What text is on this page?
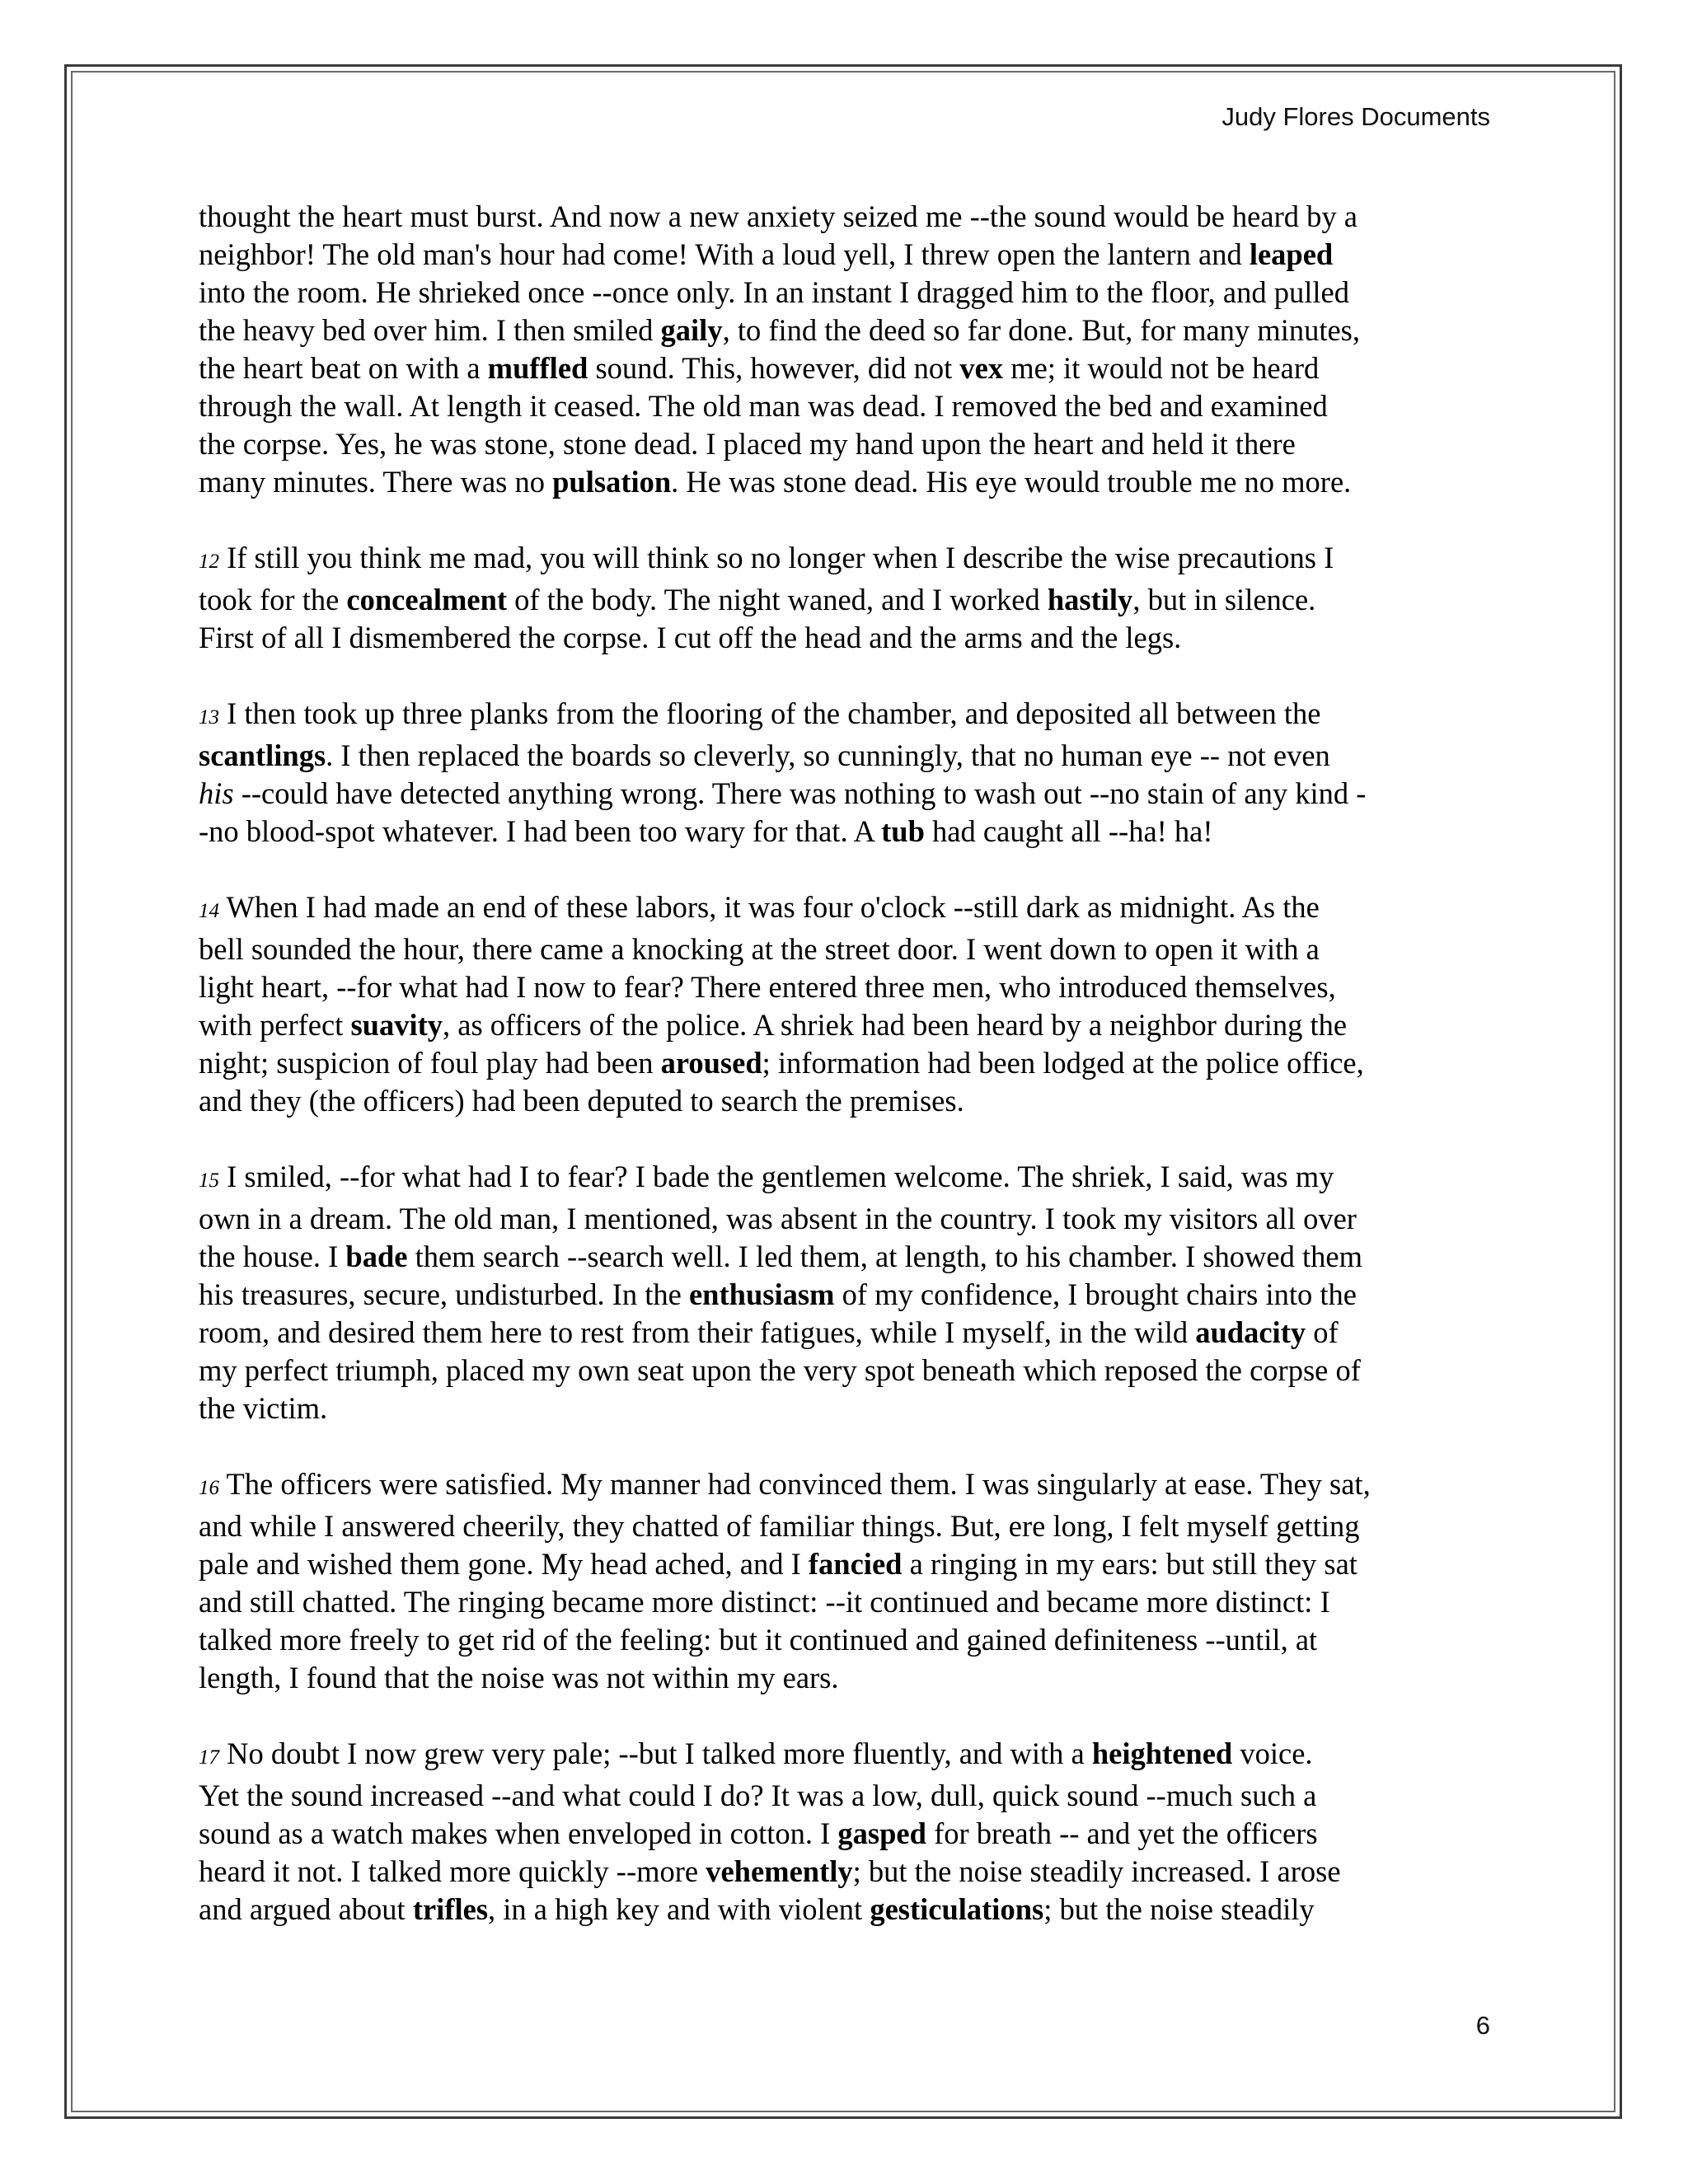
Judy Flores Documents

thought the heart must burst. And now a new anxiety seized me --the sound would be heard by a
neighbor! The old man's hour had come! With a loud yell, I threw open the lantern and leaped
into the room. He shrieked once --once only. In an instant I dragged him to the floor, and pulled
the heavy bed over him. I then smiled gaily, to find the deed so far done. But, for many minutes,
the heart beat on with a muffled sound. This, however, did not vex me; it would not be heard
through the wall. At length it ceased. The old man was dead. I removed the bed and examined
the corpse. Yes, he was stone, stone dead. I placed my hand upon the heart and held it there
many minutes. There was no pulsation. He was stone dead. His eye would trouble me no more.

12 If still you think me mad, you will think so no longer when I describe the wise precautions I
took for the concealment of the body. The night waned, and I worked hastily, but in silence.
First of all I dismembered the corpse. I cut off the head and the arms and the legs.

13 I then took up three planks from the flooring of the chamber, and deposited all between the
scantlings. I then replaced the boards so cleverly, so cunningly, that no human eye -- not even
his --could have detected anything wrong. There was nothing to wash out --no stain of any kind -
-no blood-spot whatever. I had been too wary for that. A tub had caught all --ha! ha!

14 When I had made an end of these labors, it was four o'clock --still dark as midnight. As the
bell sounded the hour, there came a knocking at the street door. I went down to open it with a
light heart, --for what had I now to fear? There entered three men, who introduced themselves,
with perfect suavity, as officers of the police. A shriek had been heard by a neighbor during the
night; suspicion of foul play had been aroused; information had been lodged at the police office,
and they (the officers) had been deputed to search the premises.

15 I smiled, --for what had I to fear? I bade the gentlemen welcome. The shriek, I said, was my
own in a dream. The old man, I mentioned, was absent in the country. I took my visitors all over
the house. I bade them search --search well. I led them, at length, to his chamber. I showed them
his treasures, secure, undisturbed. In the enthusiasm of my confidence, I brought chairs into the
room, and desired them here to rest from their fatigues, while I myself, in the wild audacity of
my perfect triumph, placed my own seat upon the very spot beneath which reposed the corpse of
the victim.

16 The officers were satisfied. My manner had convinced them. I was singularly at ease. They sat,
and while I answered cheerily, they chatted of familiar things. But, ere long, I felt myself getting
pale and wished them gone. My head ached, and I fancied a ringing in my ears: but still they sat
and still chatted. The ringing became more distinct: --it continued and became more distinct: I
talked more freely to get rid of the feeling: but it continued and gained definiteness --until, at
length, I found that the noise was not within my ears.

17 No doubt I now grew very pale; --but I talked more fluently, and with a heightened voice.
Yet the sound increased --and what could I do? It was a low, dull, quick sound --much such a
sound as a watch makes when enveloped in cotton. I gasped for breath -- and yet the officers
heard it not. I talked more quickly --more vehemently; but the noise steadily increased. I arose
and argued about trifles, in a high key and with violent gesticulations; but the noise steadily

6
